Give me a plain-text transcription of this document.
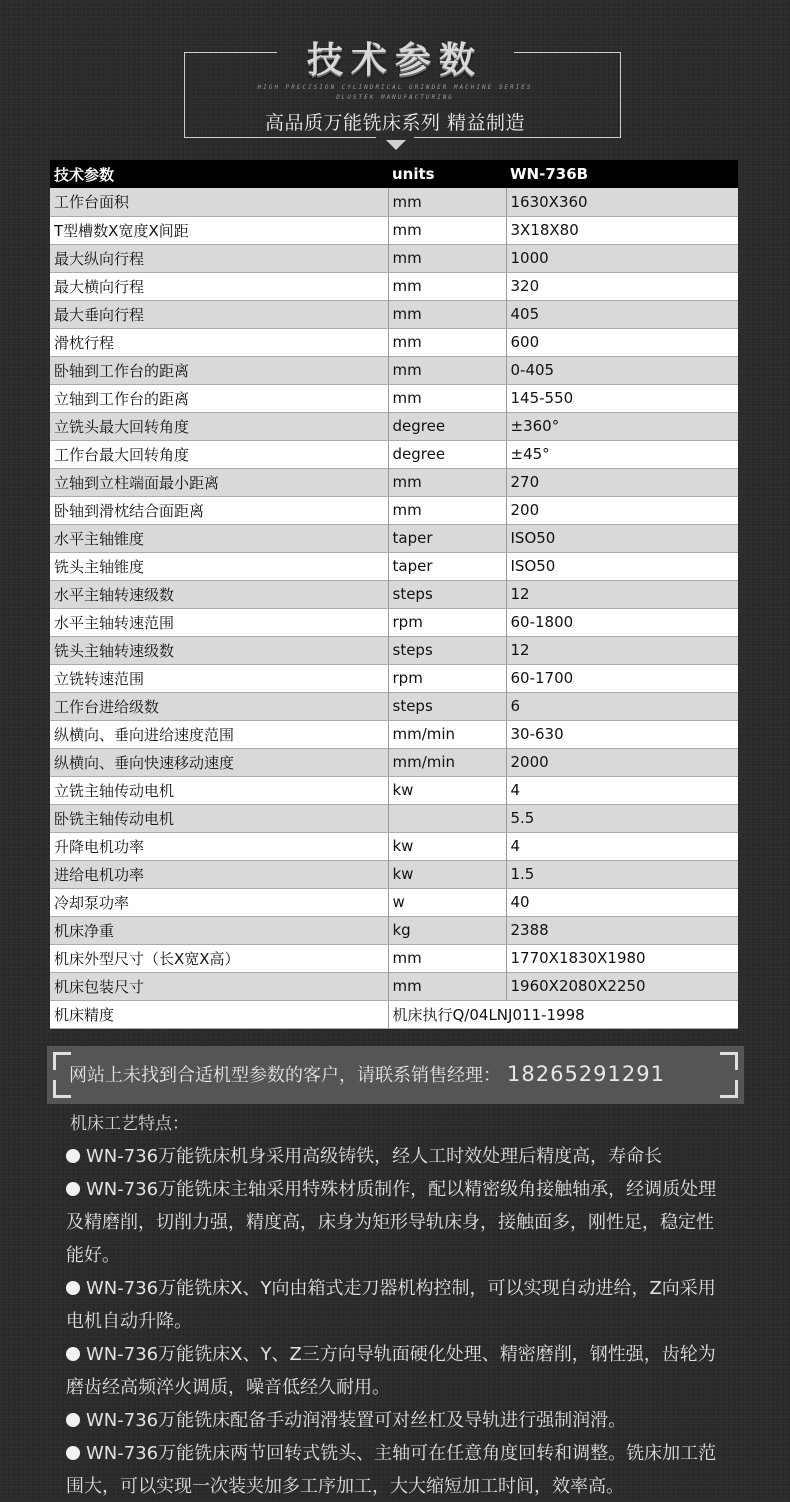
技术参数
HIGH PRECISION CYLINDRICAL GRINDER MACHINE SERIES
OLUSTEK MANUFACTURING
高品质万能铣床系列 精益制造
技术参数	units	WN-736B
工作台面积	mm	1630X360
T型槽数X宽度X间距	mm	3X18X80
最大纵向行程	mm	1000
最大横向行程	mm	320
最大垂向行程	mm	405
滑枕行程	mm	600
卧轴到工作台的距离	mm	0-405
立轴到工作台的距离	mm	145-550
立铣头最大回转角度	degree	±360°
工作台最大回转角度	degree	±45°
立轴到立柱端面最小距离	mm	270
卧轴到滑枕结合面距离	mm	200
水平主轴锥度	taper	ISO50
铣头主轴锥度	taper	ISO50
水平主轴转速级数	steps	12
水平主轴转速范围	rpm	60-1800
铣头主轴转速级数	steps	12
立铣转速范围	rpm	60-1700
工作台进给级数	steps	6
纵横向、垂向进给速度范围	mm/min	30-630
纵横向、垂向快速移动速度	mm/min	2000
立铣主轴传动电机	kw	4
卧铣主轴传动电机		5.5
升降电机功率	kw	4
进给电机功率	kw	1.5
冷却泵功率	w	40
机床净重	kg	2388
机床外型尺寸（长X宽X高）	mm	1770X1830X1980
机床包装尺寸	mm	1960X2080X2250
机床精度	机床执行Q/04LNJ011-1998	
网站上未找到合适机型参数的客户，请联系销售经理： 18265291291
机床工艺特点：
WN-736万能铣床机身采用高级铸铁，经人工时效处理后精度高，寿命长
WN-736万能铣床主轴采用特殊材质制作，配以精密级角接触轴承，经调质处理及精磨削，切削力强，精度高，床身为矩形导轨床身，接触面多，刚性足，稳定性能好。
WN-736万能铣床X、Y向由箱式走刀器机构控制，可以实现自动进给，Z向采用电机自动升降。
WN-736万能铣床X、Y、Z三方向导轨面硬化处理、精密磨削，钢性强，齿轮为磨齿经高频淬火调质，噪音低经久耐用。
WN-736万能铣床配备手动润滑装置可对丝杠及导轨进行强制润滑。
WN-736万能铣床两节回转式铣头、主轴可在任意角度回转和调整。铣床加工范围大，可以实现一次装夹加多工序加工，大大缩短加工时间，效率高。
